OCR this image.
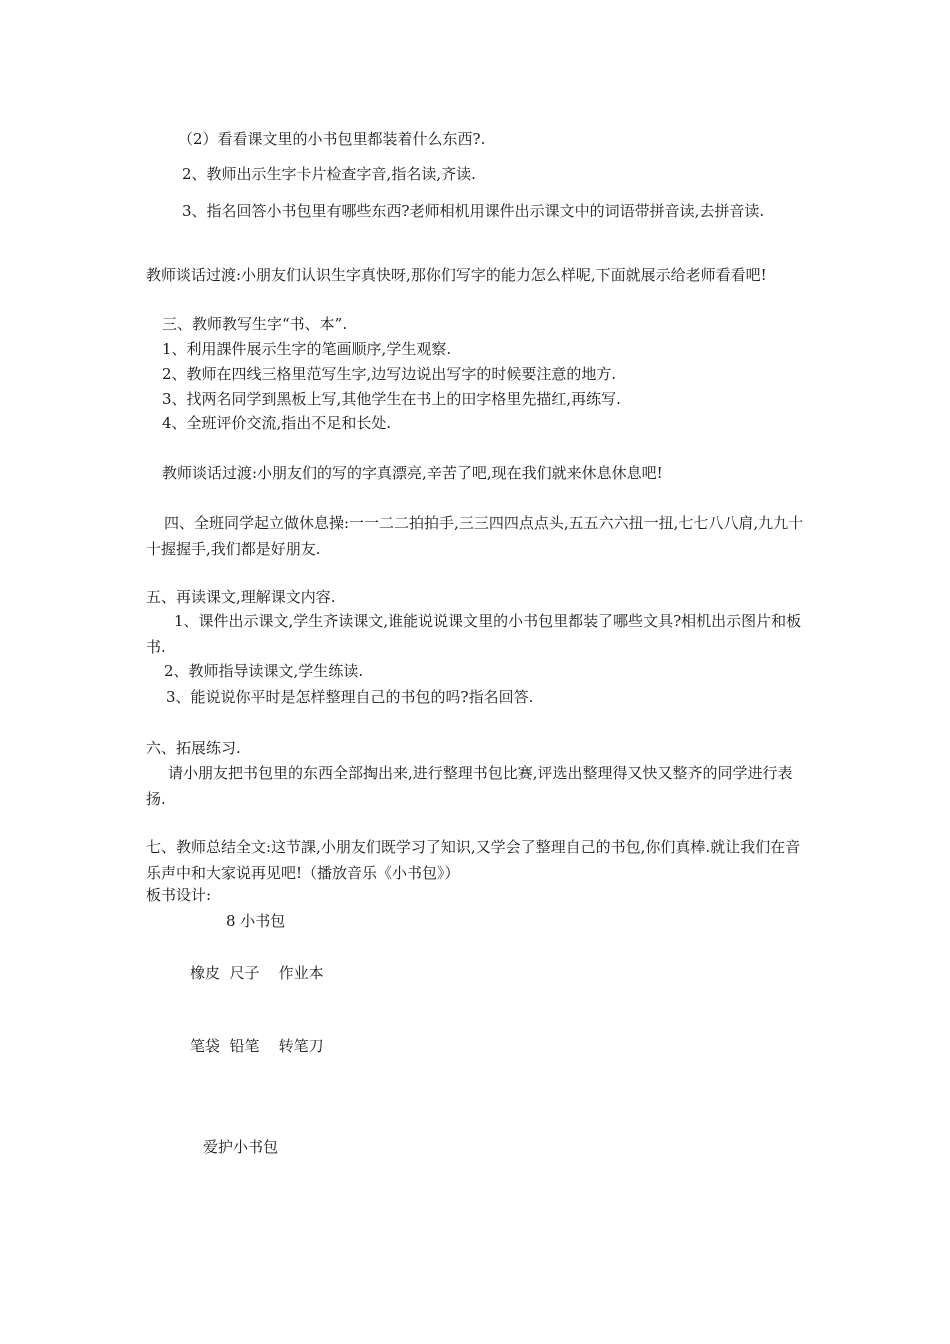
（2）看看课文里的小书包里都装着什么东西?.
2、教师出示生字卡片检查字音,指名读,齐读.
3、指名回答小书包里有哪些东西?老师相机用课件出示课文中的词语带拼音读,去拼音读.
教师谈话过渡:小朋友们认识生字真快呀,那你们写字的能力怎么样呢,下面就展示给老师看看吧!
三、教师教写生字“书、本”.
1、利用課件展示生字的笔画顺序,学生观察.
2、教师在四线三格里范写生字,边写边说出写字的时候要注意的地方.
3、找两名同学到黑板上写,其他学生在书上的田字格里先描红,再练写.
4、全班评价交流,指出不足和长处.
教师谈话过渡:小朋友们的写的字真漂亮,辛苦了吧,现在我们就来休息休息吧!
四、全班同学起立做休息操:一一二二拍拍手,三三四四点点头,五五六六扭一扭,七七八八肩,九九十十握握手,我们都是好朋友.
五、再读课文,理解课文内容.
1、课件出示课文,学生齐读课文,谁能说说课文里的小书包里都装了哪些文具?相机出示图片和板书.
2、教师指导读课文,学生练读.
3、能说说你平时是怎样整理自己的书包的吗?指名回答.
六、拓展练习.
请小朋友把书包里的东西全部掏出来,进行整理书包比赛,评选出整理得又快又整齐的同学进行表扬.
七、教师总结全文:这节課,小朋友们既学习了知识,又学会了整理自己的书包,你们真棒.就让我们在音乐声中和大家说再见吧!（播放音乐《小书包》）
板书设计:
8 小书包
橡皮  尺子    作业本
笔袋  铅笔    转笔刀
爱护小书包
